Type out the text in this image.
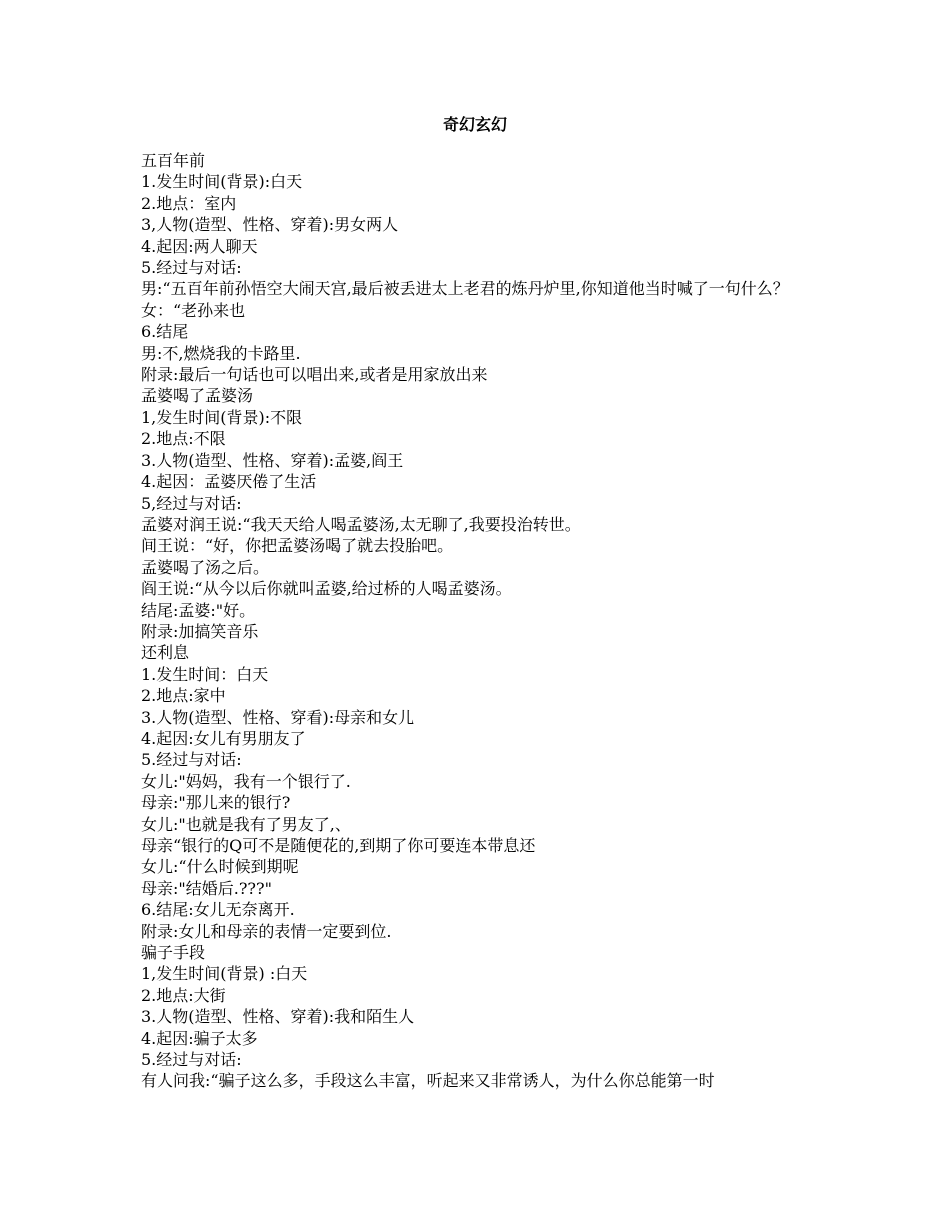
奇幻玄幻
五百年前
1.发生时间(背景):白天
2.地点：室内
3,人物(造型、性格、穿着):男女两人
4.起因:两人聊天
5.经过与对话:
男:“五百年前孙悟空大闹天宫,最后被丢进太上老君的炼丹炉里,你知道他当时喊了一句什么？
女：“老孙来也
6.结尾
男:不,燃烧我的卡路里.
附录:最后一句话也可以唱出来,或者是用家放出来
孟婆喝了孟婆汤
1,发生时间(背景):不限
2.地点:不限
3.人物(造型、性格、穿着):孟婆,阎王
4.起因：孟婆厌倦了生活
5,经过与对话:
孟婆对润王说:“我天天给人喝孟婆汤,太无聊了,我要投治转世。
间王说：“好，你把孟婆汤喝了就去投胎吧。
孟婆喝了汤之后。
阎王说:“从今以后你就叫孟婆,给过桥的人喝孟婆汤。
结尾:孟婆:"好。
附录:加搞笑音乐
还利息
1.发生时间：白天
2.地点:家中
3.人物(造型、性格、穿看):母亲和女儿
4.起因:女儿有男朋友了
5.经过与对话:
女儿:"妈妈，我有一个银行了.
母亲:"那儿来的银行?
女儿:"也就是我有了男友了,、
母亲“银行的Q可不是随便花的,到期了你可要连本带息还
女儿:“什么时候到期呢
母亲:"结婚后.???"
6.结尾:女儿无奈离开.
附录:女儿和母亲的表情一定要到位.
骗子手段
1,发生时间(背景) :白天
2.地点:大街
3.人物(造型、性格、穿着):我和陌生人
4.起因:骗子太多
5.经过与对话:
有人问我:“骗子这么多，手段这么丰富，听起来又非常诱人，为什么你总能第一时
